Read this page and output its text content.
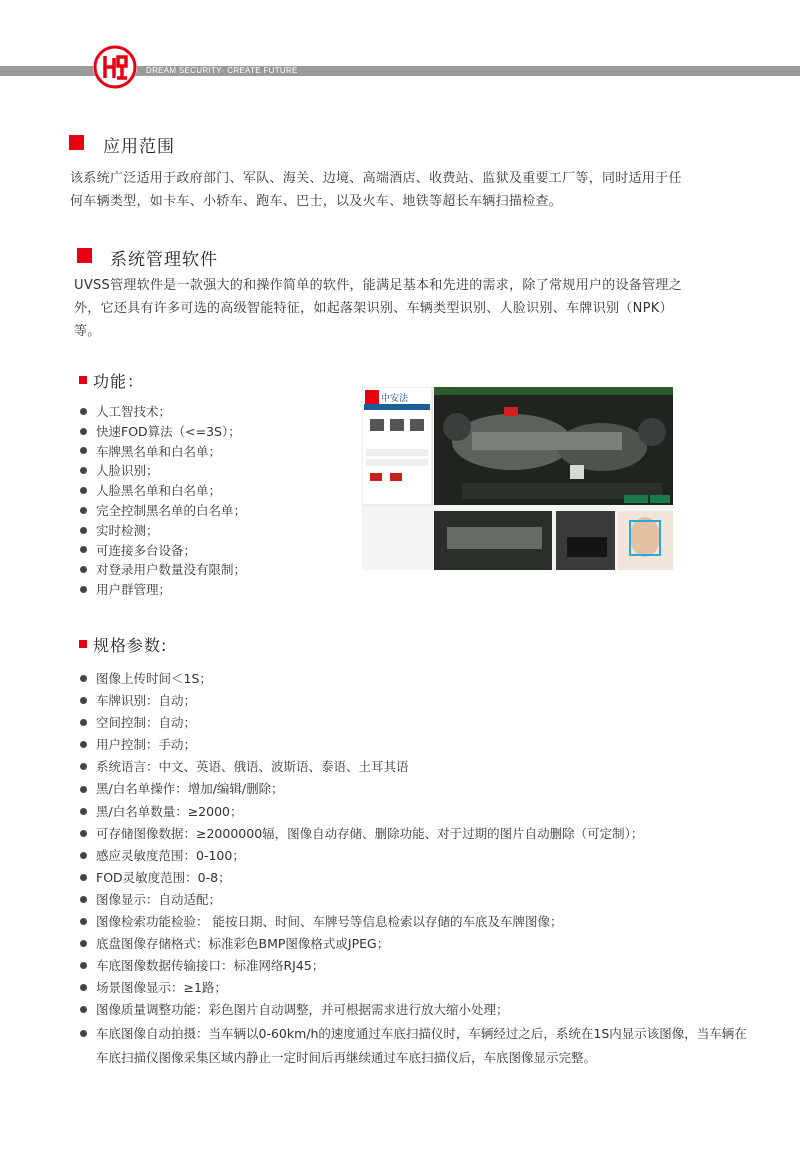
DREAM SECURITY· CREATE FUTURE
应用范围
该系统广泛适用于政府部门、军队、海关、边境、高端酒店、收费站、监狱及重要工厂等，同时适用于任何车辆类型，如卡车、小轿车、跑车、巴士，以及火车、地铁等超长车辆扫描检查。
系统管理软件
UVSS管理软件是一款强大的和操作简单的软件，能满足基本和先进的需求，除了常规用户的设备管理之外，它还具有许多可选的高级智能特征，如起落架识别、车辆类型识别、人脸识别、车牌识别（NPK）等。
功能：
人工智技术；
快速FOD算法（<=3S）；
车牌黑名单和白名单；
人脸识别；
人脸黑名单和白名单；
完全控制黑名单的白名单；
实时检测；
可连接多台设备；
对登录用户数量没有限制；
用户群管理；
中安法
规格参数:
图像上传时间＜1S；
车牌识别：自动；
空间控制：自动；
用户控制：手动；
系统语言：中文、英语、俄语、波斯语、泰语、土耳其语
黑/白名单操作：增加/编辑/删除；
黑/白名单数量：≥2000；
可存储图像数据：≥2000000辐，图像自动存储、删除功能、对于过期的图片自动删除（可定制）；
感应灵敏度范围：0-100；
FOD灵敏度范围：0-8；
图像显示：自动适配；
图像检索功能检验： 能按日期、时间、车牌号等信息检索以存储的车底及车牌图像；
底盘图像存储格式：标准彩色BMP图像格式或JPEG；
车底图像数据传输接口：标准网络RJ45；
场景图像显示：≥1路；
图像质量调整功能：彩色图片自动调整，并可根据需求进行放大缩小处理；
车底图像自动拍摄：当车辆以0-60km/h的速度通过车底扫描仪时，车辆经过之后，系统在1S内显示该图像，当车辆在车底扫描仪图像采集区域内静止一定时间后再继续通过车底扫描仪后，车底图像显示完整。
